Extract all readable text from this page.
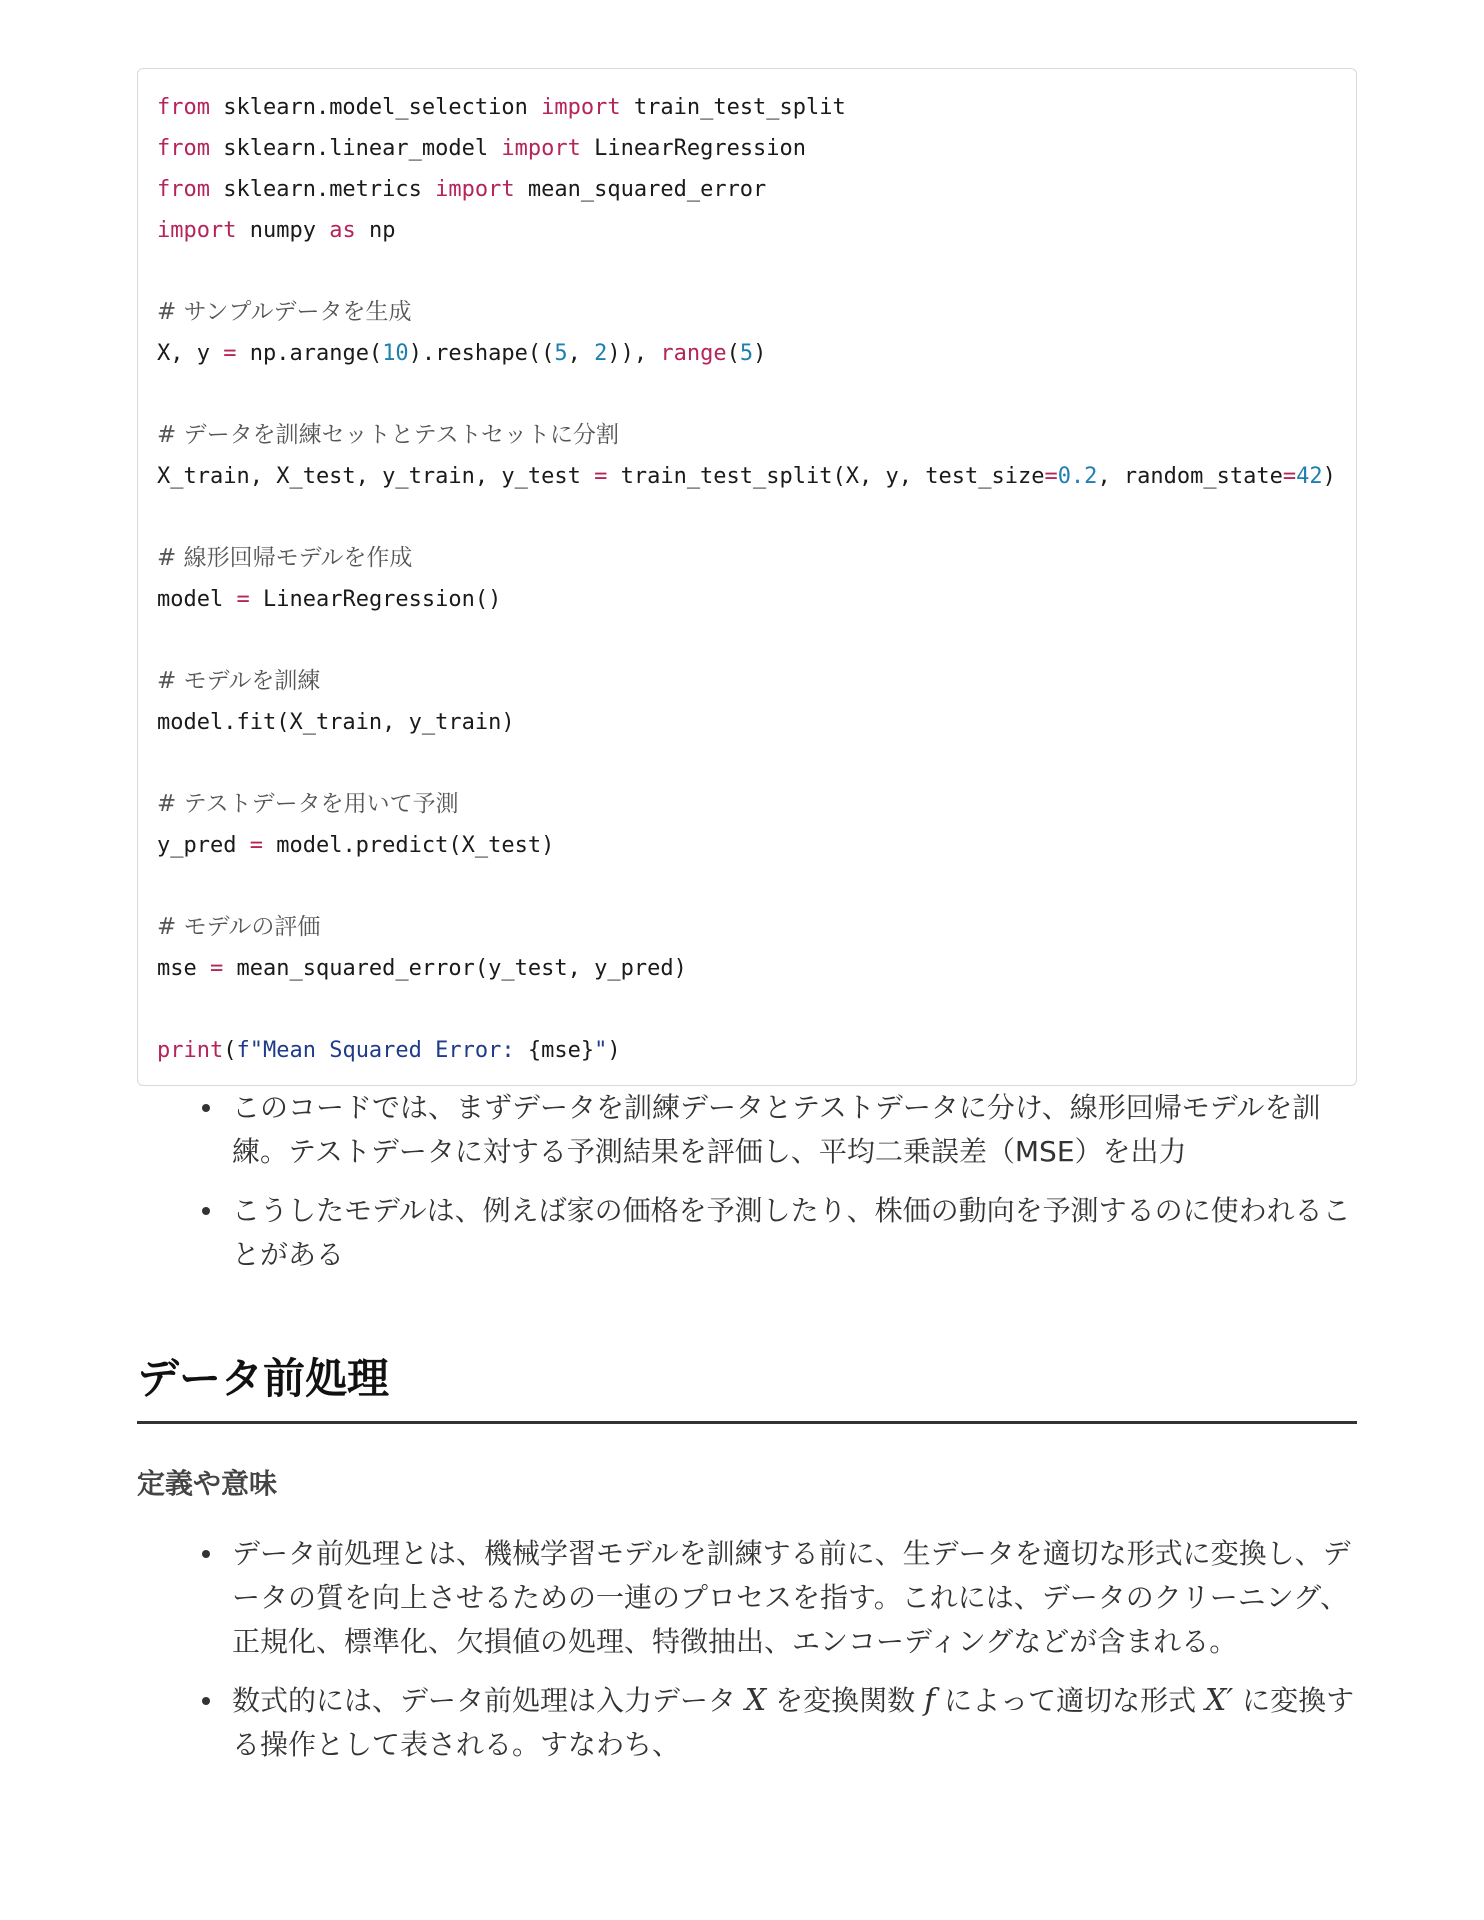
from sklearn.model_selection import train_test_split
from sklearn.linear_model import LinearRegression
from sklearn.metrics import mean_squared_error
import numpy as np
# サンプルデータを生成
X, y = np.arange(10).reshape((5, 2)), range(5)
# データを訓練セットとテストセットに分割
X_train, X_test, y_train, y_test = train_test_split(X, y, test_size=0.2, random_state=42)
# 線形回帰モデルを作成
model = LinearRegression()
# モデルを訓練
model.fit(X_train, y_train)
# テストデータを用いて予測
y_pred = model.predict(X_test)
# モデルの評価
mse = mean_squared_error(y_test, y_pred)
print(f"Mean Squared Error: {mse}")
このコードでは、まずデータを訓練データとテストデータに分け、線形回帰モデルを訓練。テストデータに対する予測結果を評価し、平均二乗誤差（MSE）を出力
こうしたモデルは、例えば家の価格を予測したり、株価の動向を予測するのに使われることがある
データ前処理
定義や意味
データ前処理とは、機械学習モデルを訓練する前に、生データを適切な形式に変換し、データの質を向上させるための一連のプロセスを指す。これには、データのクリーニング、正規化、標準化、欠損値の処理、特徴抽出、エンコーディングなどが含まれる。
数式的には、データ前処理は入力データ X を変換関数 f によって適切な形式 X′ に変換する操作として表される。すなわち、
